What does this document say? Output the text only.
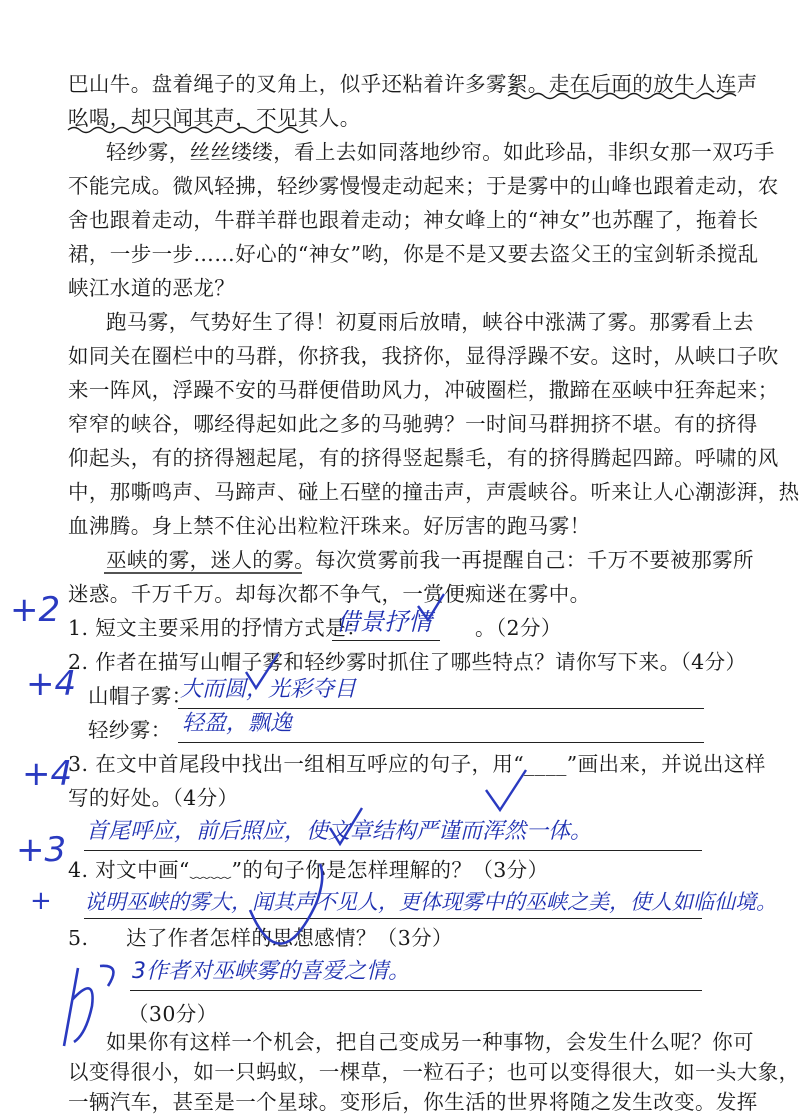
巴山牛。盘着绳子的叉角上，似乎还粘着许多雾絮。走在后面的放牛人连声
吆喝，却只闻其声，不见其人。
轻纱雾，丝丝缕缕，看上去如同落地纱帘。如此珍品，非织女那一双巧手
不能完成。微风轻拂，轻纱雾慢慢走动起来；于是雾中的山峰也跟着走动，农
舍也跟着走动，牛群羊群也跟着走动；神女峰上的“神女”也苏醒了，拖着长
裙，一步一步……好心的“神女”哟，你是不是又要去盗父王的宝剑斩杀搅乱
峡江水道的恶龙？
跑马雾，气势好生了得！初夏雨后放晴，峡谷中涨满了雾。那雾看上去
如同关在圈栏中的马群，你挤我，我挤你，显得浮躁不安。这时，从峡口子吹
来一阵风，浮躁不安的马群便借助风力，冲破圈栏，撒蹄在巫峡中狂奔起来；
窄窄的峡谷，哪经得起如此之多的马驰骋？一时间马群拥挤不堪。有的挤得
仰起头，有的挤得翘起尾，有的挤得竖起鬃毛，有的挤得腾起四蹄。呼啸的风
中，那嘶鸣声、马蹄声、碰上石壁的撞击声，声震峡谷。听来让人心潮澎湃，热
血沸腾。身上禁不住沁出粒粒汗珠来。好厉害的跑马雾！
巫峡的雾，迷人的雾。每次赏雾前我一再提醒自己：千万不要被那雾所
迷惑。千万千万。却每次都不争气，一赏便痴迷在雾中。
1. 短文主要采用的抒情方式是：	。（2分）
借景抒情
2. 作者在描写山帽子雾和轻纱雾时抓住了哪些特点？请你写下来。（4分）
山帽子雾：
大而圆，光彩夺目
轻纱雾： 轻盈，飘逸
3. 在文中首尾段中找出一组相互呼应的句子，用“____”画出来，并说出这样
写的好处。（4分）
首尾呼应，前后照应，使文章结构严谨而浑然一体。
4. 对文中画“﹏﹏”的句子你是怎样理解的？（3分）
说明巫峡的雾大，闻其声不见人，更体现雾中的巫峡之美，使人如临仙境。
5.	达了作者怎样的思想感情？（3分）
3作者对巫峡雾的喜爱之情。
（30分）
如果你有这样一个机会，把自己变成另一种事物，会发生什么呢？你可
以变得很小，如一只蚂蚁，一棵草，一粒石子；也可以变得很大，如一头大象，
一辆汽车，甚至是一个星球。变形后，你生活的世界将随之发生改变。发挥
+2
+4
+4
+3
+
